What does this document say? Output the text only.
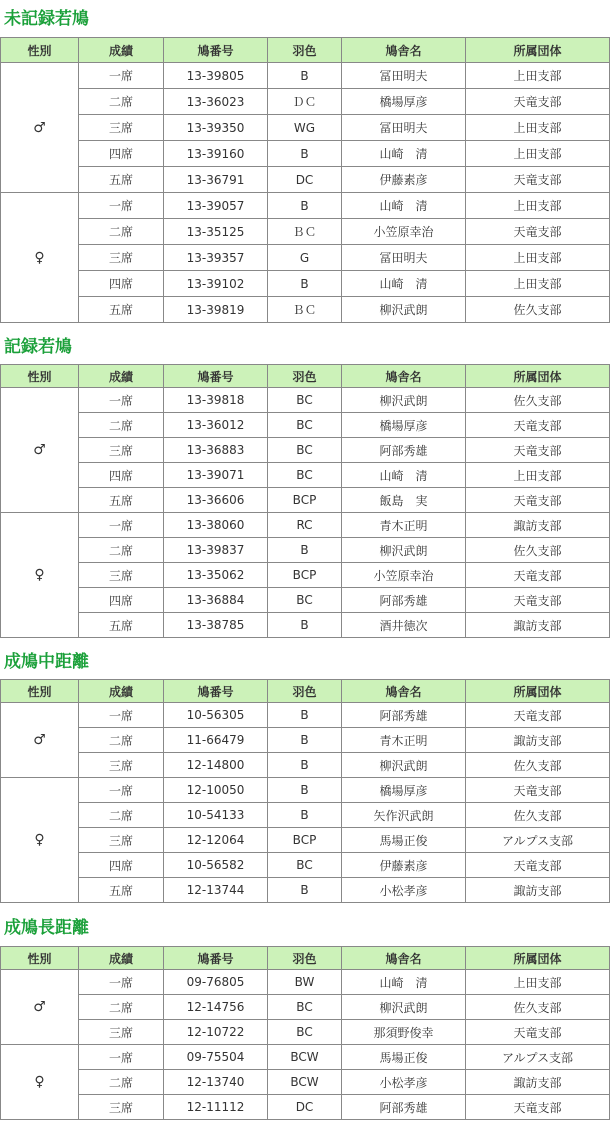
未記録若鳩
性別	成績	鳩番号	羽色	鳩舎名	所属団体
♂	一席	13-39805	B	冨田明夫	上田支部
	二席	13-36023	ＤＣ	橋場厚彦	天竜支部
	三席	13-39350	WG	冨田明夫	上田支部
	四席	13-39160	B	山崎　清	上田支部
	五席	13-36791	DC	伊藤素彦	天竜支部
♀	一席	13-39057	B	山崎　清	上田支部
	二席	13-35125	ＢＣ	小笠原幸治	天竜支部
	三席	13-39357	G	冨田明夫	上田支部
	四席	13-39102	B	山崎　清	上田支部
	五席	13-39819	ＢＣ	柳沢武朗	佐久支部
記録若鳩
性別	成績	鳩番号	羽色	鳩舎名	所属団体
♂	一席	13-39818	BC	柳沢武朗	佐久支部
	二席	13-36012	BC	橋場厚彦	天竜支部
	三席	13-36883	BC	阿部秀雄	天竜支部
	四席	13-39071	BC	山崎　清	上田支部
	五席	13-36606	BCP	飯島　実	天竜支部
♀	一席	13-38060	RC	青木正明	諏訪支部
	二席	13-39837	B	柳沢武朗	佐久支部
	三席	13-35062	BCP	小笠原幸治	天竜支部
	四席	13-36884	BC	阿部秀雄	天竜支部
	五席	13-38785	B	酒井徳次	諏訪支部
成鳩中距離
性別	成績	鳩番号	羽色	鳩舎名	所属団体
♂	一席	10-56305	B	阿部秀雄	天竜支部
	二席	11-66479	B	青木正明	諏訪支部
	三席	12-14800	B	柳沢武朗	佐久支部
♀	一席	12-10050	B	橋場厚彦	天竜支部
	二席	10-54133	B	矢作沢武朗	佐久支部
	三席	12-12064	BCP	馬場正俊	アルプス支部
	四席	10-56582	BC	伊藤素彦	天竜支部
	五席	12-13744	B	小松孝彦	諏訪支部
成鳩長距離
性別	成績	鳩番号	羽色	鳩舎名	所属団体
♂	一席	09-76805	BW	山崎　清	上田支部
	二席	12-14756	BC	柳沢武朗	佐久支部
	三席	12-10722	BC	那須野俊幸	天竜支部
♀	一席	09-75504	BCW	馬場正俊	アルプス支部
	二席	12-13740	BCW	小松孝彦	諏訪支部
	三席	12-11112	DC	阿部秀雄	天竜支部
